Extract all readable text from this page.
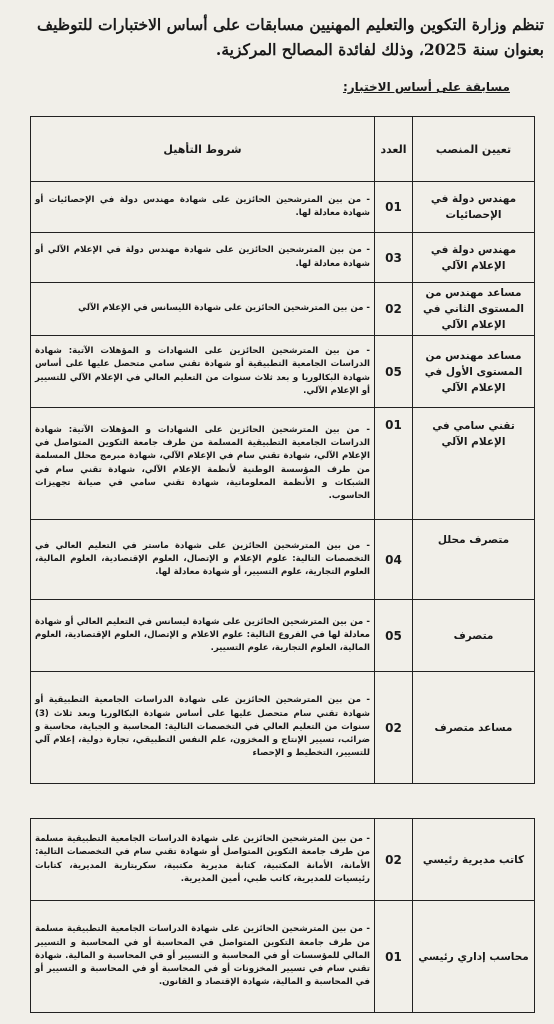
تنظم وزارة التكوين والتعليم المهنيين مسابقات على أساس الاختبارات للتوظيف بعنوان سنة 2025، وذلك لفائدة المصالح المركزية.
مسابقة على أساس الاختبار:
تعيين المنصب	العدد	شروط التأهيل
مهندس دولة في الإحصائيات	01	- من بين المترشحين الحائزين على شهادة مهندس دولة في الإحصائيات أو شهادة معادلة لها.
مهندس دولة في الإعلام الآلي	03	- من بين المترشحين الحائزين على شهادة مهندس دولة في الإعلام الآلي أو شهادة معادلة لها.
مساعد مهندس من المستوى الثاني في الإعلام الآلي	02	- من بين المترشحين الحائزين على شهادة الليسانس في الإعلام الآلي
مساعد مهندس من المستوى الأول في الإعلام الآلي	05	- من بين المترشحين الحائزين على الشهادات و المؤهلات الآتية: شهادة الدراسات الجامعية التطبيقية أو شهادة تقني سامي متحصل عليها على أساس شهادة البكالوريا و بعد ثلاث سنوات من التعليم العالي في الإعلام الآلي للتسيير أو الإعلام الآلي.
تقني سامي في الإعلام الآلي	01	- من بين المترشحين الحائزين على الشهادات و المؤهلات الآتية: شهادة الدراسات الجامعية التطبيقية المسلمة من طرف جامعة التكوين المتواصل في الإعلام الآلي، شهادة تقني سام في الإعلام الآلي، شهادة مبرمج محلل المسلمة من طرف المؤسسة الوطنية لأنظمة الإعلام الآلي، شهادة تقني سام في الشبكات و الأنظمة المعلوماتية، شهادة تقني سامي في صيانة تجهيزات الحاسوب.
متصرف محلل	04	- من بين المترشحين الحائزين على شهادة ماستر في التعليم العالي في التخصصات التالية: علوم الإعلام و الإتصال، العلوم الإقتصادية، العلوم المالية، العلوم التجارية، علوم التسيير، أو شهادة معادلة لها.
متصرف	05	- من بين المترشحين الحائزين على شهادة ليسانس في التعليم العالي أو شهادة معادلة لها في الفروع التالية: علوم الاعلام و الإتصال، العلوم الإقتصادية، العلوم المالية، العلوم التجارية، علوم التسيير.
مساعد متصرف	02	- من بين المترشحين الحائزين على شهادة الدراسات الجامعية التطبيقية أو شهادة تقني سام متحصل عليها على أساس شهادة البكالوريا وبعد ثلاث (3) سنوات من التعليم العالي في التخصصات التالية: المحاسبة و الجباية، محاسبة و ضرائب، تسيير الإنتاج و المخزون، علم النفس التطبيقي، تجارة دولية، إعلام آلي للتسيير، التخطيط و الإحصاء
كاتب مديرية رئيسي	02	- من بين المترشحين الحائزين على شهادة الدراسات الجامعية التطبيقية مسلمة من طرف جامعة التكوين المتواصل أو شهادة تقني سام في التخصصات التالية: الأمانة، الأمانة المكتبية، كتابة مديرية مكتبية، سكريتارية المديرية، كتابات رئيسيات للمديرية، كاتب طبي، أمين المديرية.
محاسب إداري رئيسي	01	- من بين المترشحين الحائزين على شهادة الدراسات الجامعية التطبيقية مسلمة من طرف جامعة التكوين المتواصل في المحاسبة أو في المحاسبة و التسيير المالي للمؤسسات أو في المحاسبة و التسيير أو في المحاسبة و المالية. شهادة تقني سام في تسيير المخزونات أو في المحاسبة أو في المحاسبة و التسيير أو في المحاسبة و المالية، شهادة الإقتصاد و القانون.
